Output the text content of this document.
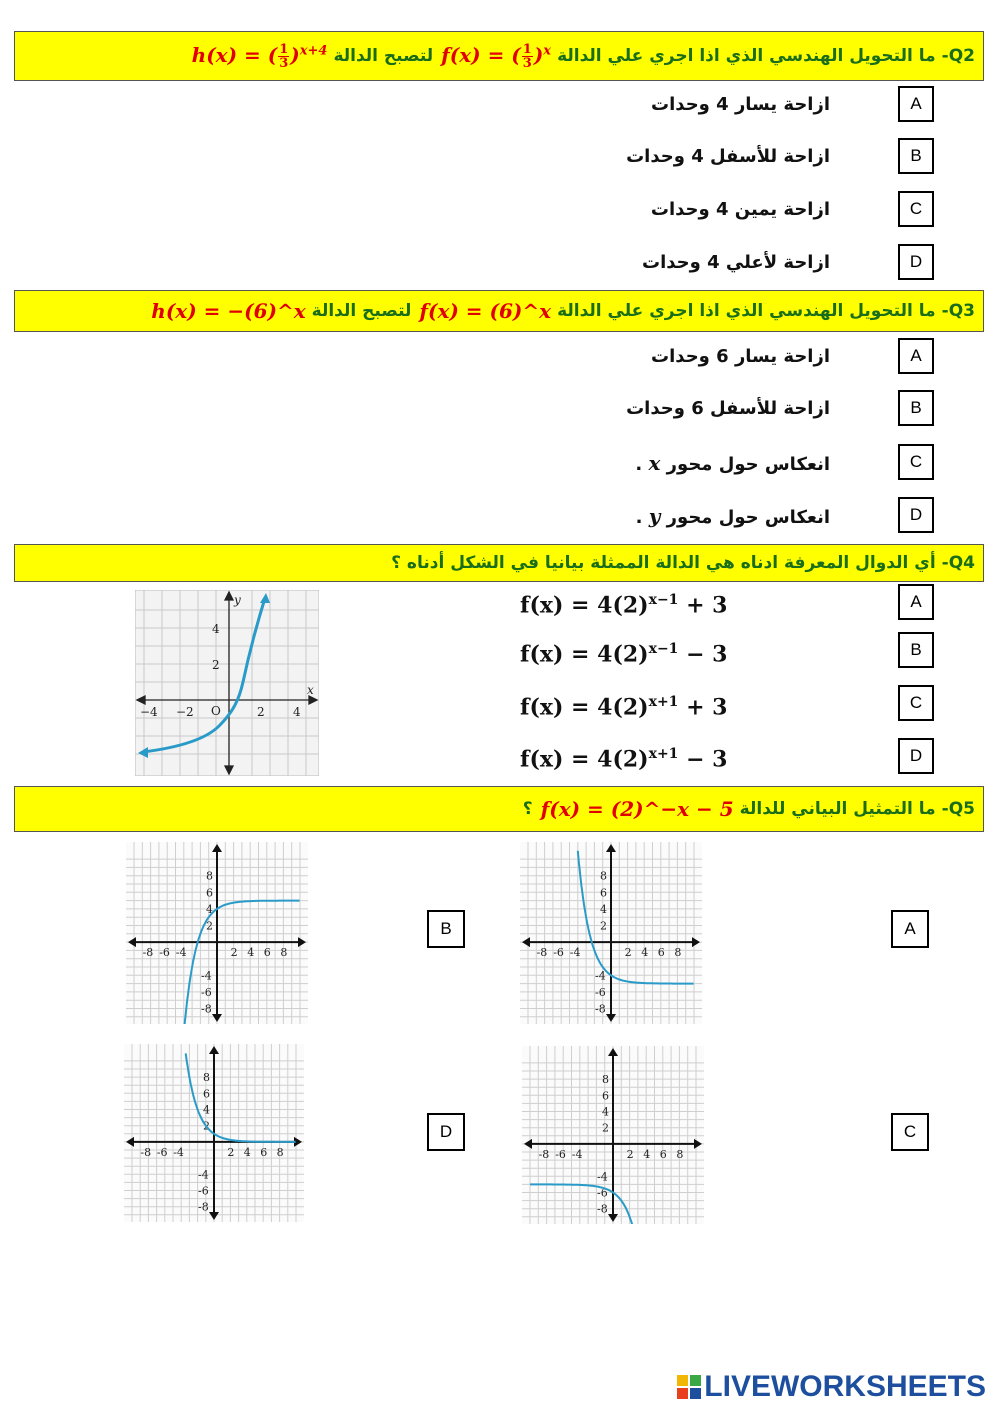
Q2-
ما التحويل الهندسي الذي اذا اجري علي الدالة
f(x) = ( $\frac{1}{3} )^x$
لتصبح الدالة
h(x) = ( $\frac{1}{3} )^{x+4}$
A
ازاحة يسار 4 وحدات
B
ازاحة للأسفل 4 وحدات
C
ازاحة يمين 4 وحدات
D
ازاحة لأعلي 4 وحدات
Q3-
ما التحويل الهندسي الذي اذا اجري علي الدالة
f(x) = (6)^x
لتصبح الدالة
h(x) = −(6)^x
A
ازاحة يسار 6 وحدات
B
ازاحة للأسفل 6 وحدات
C
انعكاس حول محور x .
D
انعكاس حول محور y .
Q4-
أي الدوال المعرفة ادناه هي الدالة الممثلة بيانيا في الشكل أدناه ؟
x
y
O
−4 −2	2 4
4
2
$f(x) = 4(2)^{x-1} + 3$	A
$f(x) = 4(2)^{x-1} - 3$	B
$f(x) = 4(2)^{x+1} + 3$	C
$f(x) = 4(2)^{x+1} - 3$	D
Q5-
ما التمثيل البياني للدالة
f(x) = (2)^−x − 5
؟
-8 -6 -4	2 4 6 8
8
6
4
2
-4
-6
-8
-8 -6 -4	2 4 6 8
8
6
4
2
-4
-6
-8
-8 -6 -4	2 4 6 8
8
6
4
2
-4
-6
-8
-8 -6 -4	2 4 6 8
8
6
4
2
-4
-6
-8
A
B
C
D
LIVEWORKSHEETS
